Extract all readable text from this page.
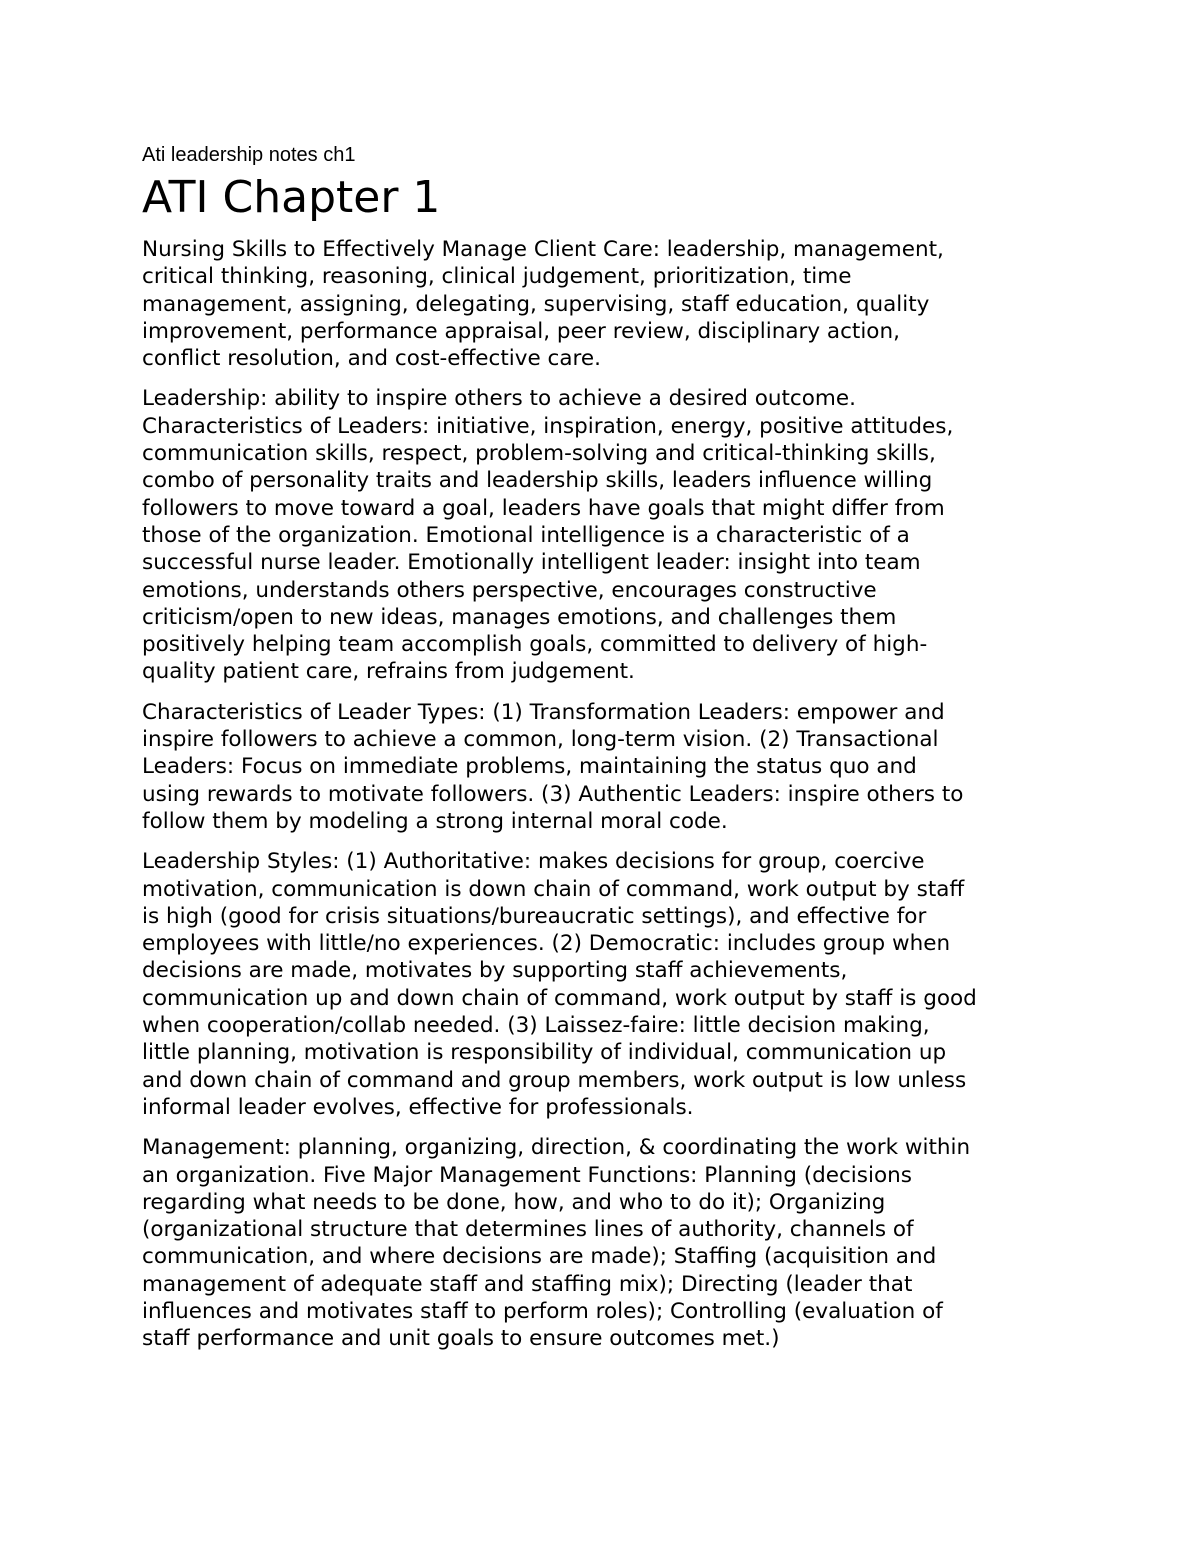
Ati leadership notes ch1

ATI Chapter 1

Nursing Skills to Effectively Manage Client Care: leadership, management,
critical thinking, reasoning, clinical judgement, prioritization, time
management, assigning, delegating, supervising, staff education, quality
improvement, performance appraisal, peer review, disciplinary action,
conflict resolution, and cost-effective care.

Leadership: ability to inspire others to achieve a desired outcome.
Characteristics of Leaders: initiative, inspiration, energy, positive attitudes,
communication skills, respect, problem-solving and critical-thinking skills,
combo of personality traits and leadership skills, leaders influence willing
followers to move toward a goal, leaders have goals that might differ from
those of the organization. Emotional intelligence is a characteristic of a
successful nurse leader. Emotionally intelligent leader: insight into team
emotions, understands others perspective, encourages constructive
criticism/open to new ideas, manages emotions, and challenges them
positively helping team accomplish goals, committed to delivery of high-
quality patient care, refrains from judgement.

Characteristics of Leader Types: (1) Transformation Leaders: empower and
inspire followers to achieve a common, long-term vision. (2) Transactional
Leaders: Focus on immediate problems, maintaining the status quo and
using rewards to motivate followers. (3) Authentic Leaders: inspire others to
follow them by modeling a strong internal moral code.

Leadership Styles: (1) Authoritative: makes decisions for group, coercive
motivation, communication is down chain of command, work output by staff
is high (good for crisis situations/bureaucratic settings), and effective for
employees with little/no experiences. (2) Democratic: includes group when
decisions are made, motivates by supporting staff achievements,
communication up and down chain of command, work output by staff is good
when cooperation/collab needed. (3) Laissez-faire: little decision making,
little planning, motivation is responsibility of individual, communication up
and down chain of command and group members, work output is low unless
informal leader evolves, effective for professionals.

Management: planning, organizing, direction, & coordinating the work within
an organization. Five Major Management Functions: Planning (decisions
regarding what needs to be done, how, and who to do it); Organizing
(organizational structure that determines lines of authority, channels of
communication, and where decisions are made); Staffing (acquisition and
management of adequate staff and staffing mix); Directing (leader that
influences and motivates staff to perform roles); Controlling (evaluation of
staff performance and unit goals to ensure outcomes met.)
